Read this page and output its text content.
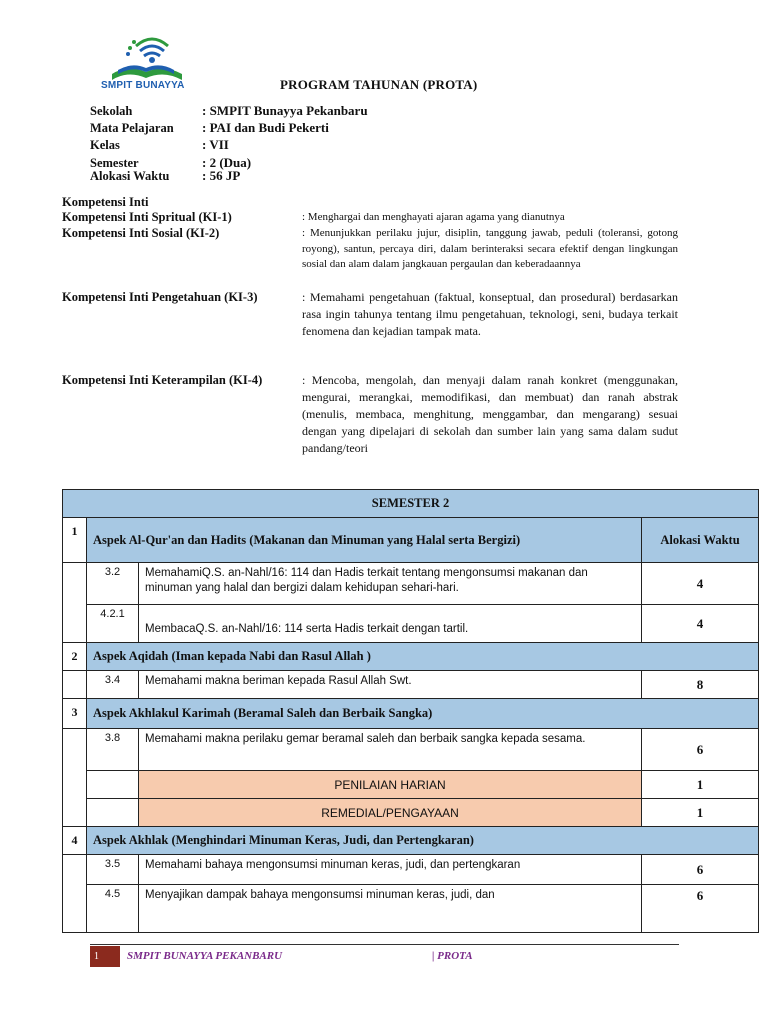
SMPIT BUNAYYA	PROGRAM TAHUNAN (PROTA)
Sekolah	: SMPIT Bunayya Pekanbaru
Mata Pelajaran : PAI dan Budi Pekerti
Kelas	: VII
Semester	: 2 (Dua)
Alokasi Waktu	: 56 JP
Kompetensi Inti
Kompetensi Inti Spritual (KI-1)	: Menghargai dan menghayati ajaran agama yang dianutnya
Kompetensi Inti Sosial (KI-2)	: Menunjukkan perilaku jujur, disiplin, tanggung jawab, peduli (toleransi, gotong royong), santun, percaya diri, dalam berinteraksi secara efektif dengan lingkungan sosial dan alam dalam jangkauan pergaulan dan keberadaannya
Kompetensi Inti Pengetahuan (KI-3)	: Memahami pengetahuan (faktual, konseptual, dan prosedural) berdasarkan rasa ingin tahunya tentang ilmu pengetahuan, teknologi, seni, budaya terkait fenomena dan kejadian tampak mata.
Kompetensi Inti Keterampilan (KI-4)	: Mencoba, mengolah, dan menyaji dalam ranah konkret (menggunakan, mengurai, merangkai, memodifikasi, dan membuat) dan ranah abstrak (menulis, membaca, menghitung, menggambar, dan mengarang) sesuai dengan yang dipelajari di sekolah dan sumber lain yang sama dalam sudut pandang/teori
SEMESTER 2			
1	Aspek Al-Qur'an dan Hadits (Makanan dan Minuman yang Halal serta Bergizi)		Alokasi Waktu
	3.2	MemahamiQ.S. an-Nahl/16: 114 dan Hadis terkait tentang mengonsumsi makanan dan minuman yang halal dan bergizi dalam kehidupan sehari-hari.	4
	4.2.1	MembacaQ.S. an-Nahl/16: 114 serta Hadis terkait dengan tartil.	4
2	Aspek Aqidah (Iman kepada Nabi dan Rasul Allah )		
	3.4	Memahami makna beriman kepada Rasul Allah Swt.	8
3	Aspek Akhlakul Karimah (Beramal Saleh dan Berbaik Sangka)		
	3.8	Memahami makna perilaku gemar beramal saleh dan berbaik sangka kepada sesama.	6
		PENILAIAN HARIAN	1
		REMEDIAL/PENGAYAAN	1
4	Aspek Akhlak (Menghindari Minuman Keras, Judi, dan Pertengkaran)		
	3.5	Memahami bahaya mengonsumsi minuman keras, judi, dan pertengkaran	6
	4.5	Menyajikan dampak bahaya mengonsumsi minuman keras, judi, dan	6
1	SMPIT BUNAYYA PEKANBARU	| PROTA
